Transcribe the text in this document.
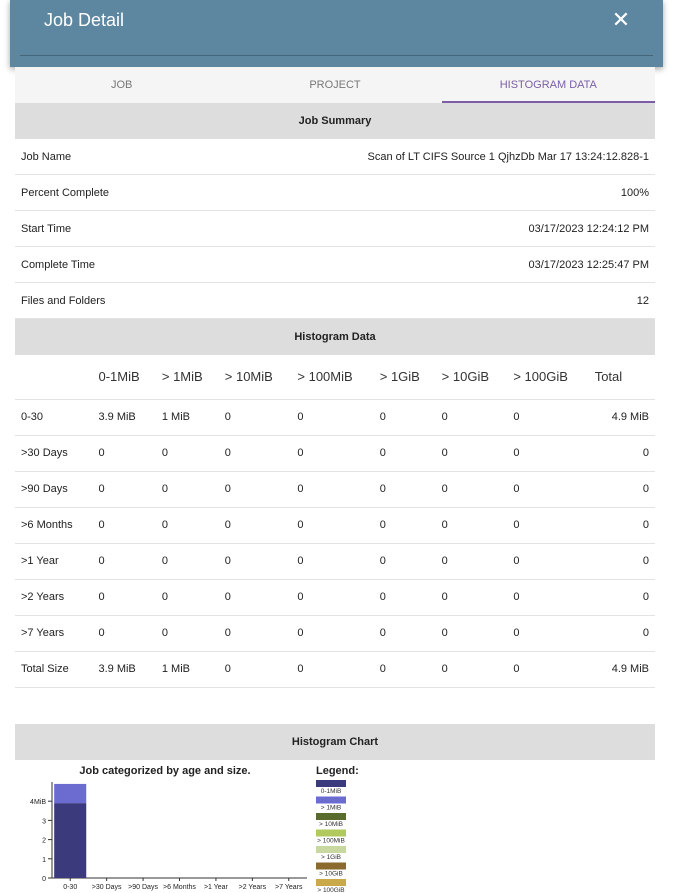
Job Detail	✕
JOB	PROJECT	HISTOGRAM DATA
Job Summary
Job Name	Scan of LT CIFS Source 1 QjhzDb Mar 17 13:24:12.828-1
Percent Complete	100%
Start Time	03/17/2023 12:24:12 PM
Complete Time	03/17/2023 12:25:47 PM
Files and Folders	12
Histogram Data
	0-1MiB	> 1MiB	> 10MiB	> 100MiB	> 1GiB	> 10GiB	> 100GiB	Total
0-30	3.9 MiB	1 MiB	0	0	0	0	0	4.9 MiB
>30 Days	0	0	0	0	0	0	0	0
>90 Days	0	0	0	0	0	0	0	0
>6 Months	0	0	0	0	0	0	0	0
>1 Year	0	0	0	0	0	0	0	0
>2 Years	0	0	0	0	0	0	0	0
>7 Years	0	0	0	0	0	0	0	0
Total Size	3.9 MiB	1 MiB	0	0	0	0	0	4.9 MiB
Histogram Chart
Job categorized by age and size.
0
1
2
3
4MiB
0-30 >30 Days >90 Days >6 Months >1 Year >2 Years >7 Years
Legend:
0-1MiB
> 1MiB
> 10MiB
> 100MiB
> 1GiB
> 10GiB
> 100GiB
